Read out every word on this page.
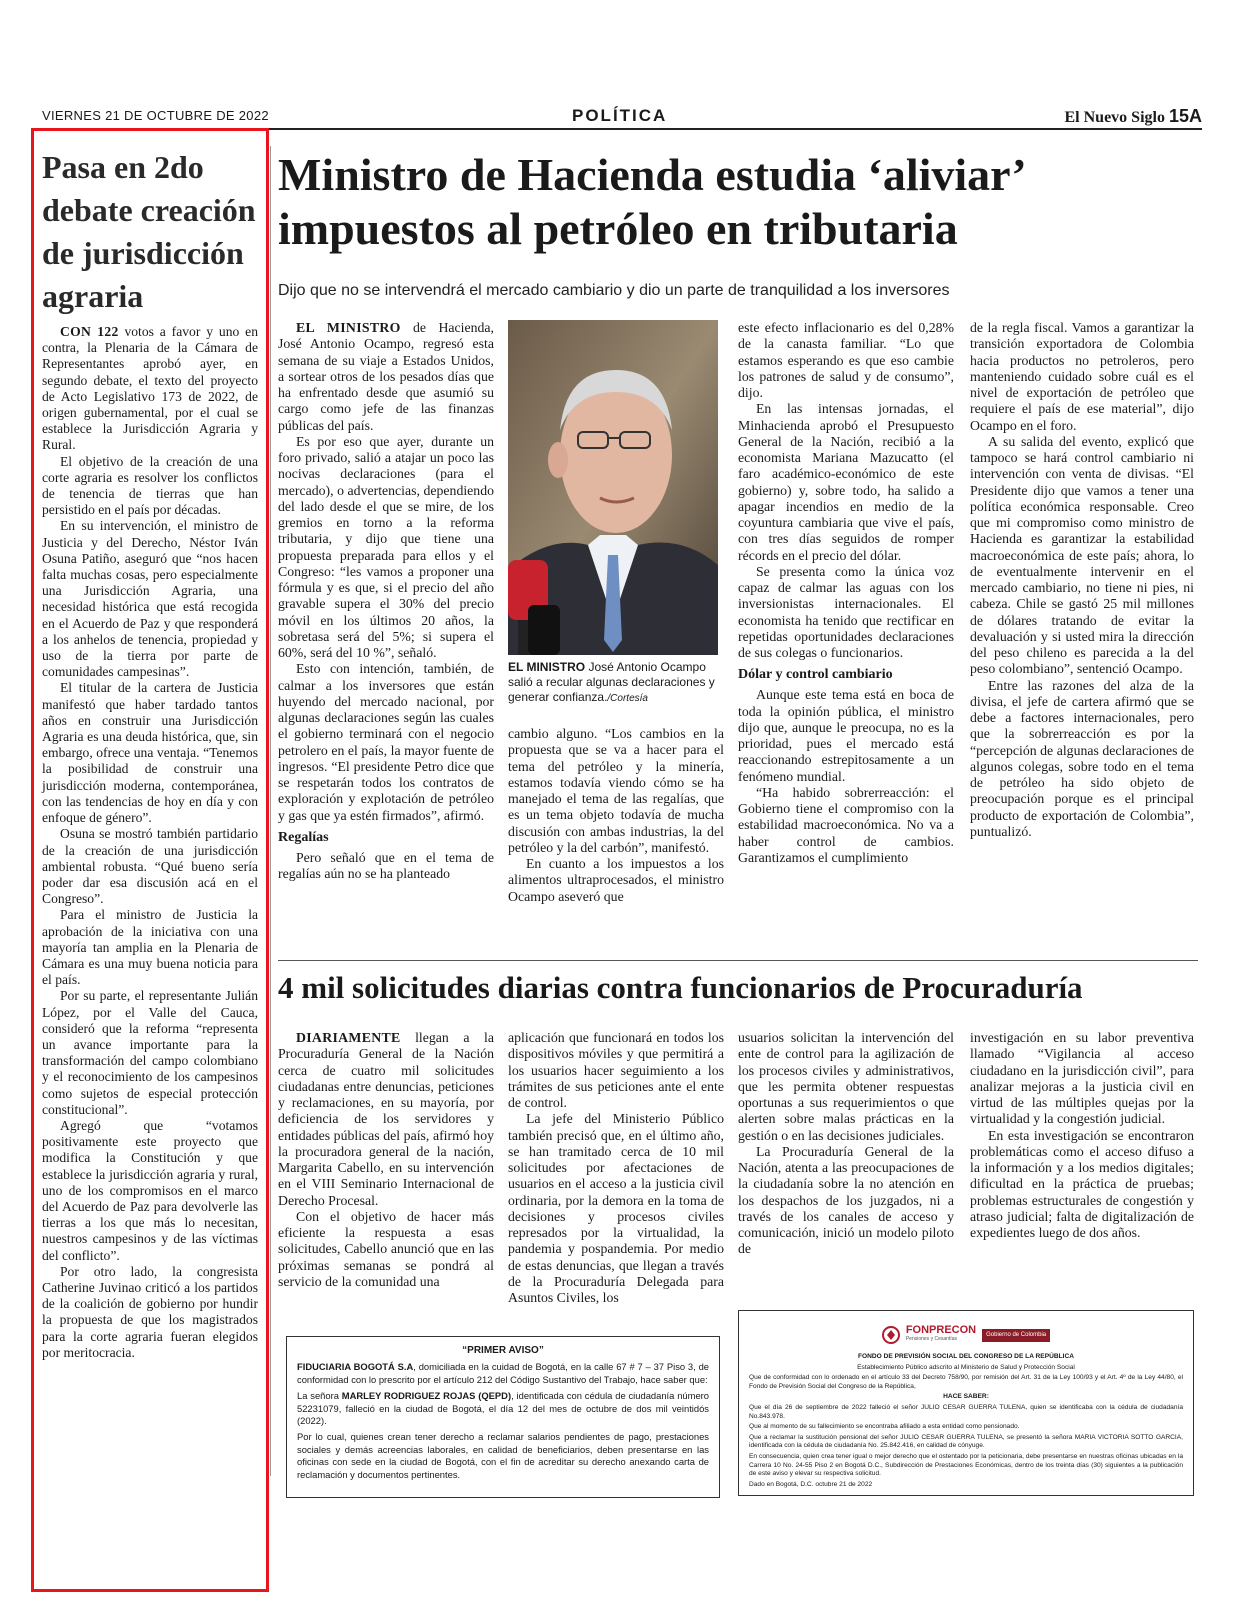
VIERNES 21 DE OCTUBRE DE 2022	POLÍTICA	El Nuevo Siglo 15A
Pasa en 2do debate creación de jurisdicción agraria

CON 122 votos a favor y uno en contra, la Plenaria de la Cámara de Representantes aprobó ayer, en segundo debate, el texto del proyecto de Acto Legislativo 173 de 2022, de origen gubernamental, por el cual se establece la Jurisdicción Agraria y Rural.

El objetivo de la creación de una corte agraria es resolver los conflictos de tenencia de tierras que han persistido en el país por décadas.

En su intervención, el ministro de Justicia y del Derecho, Néstor Iván Osuna Patiño, aseguró que “nos hacen falta muchas cosas, pero especialmente una Jurisdicción Agraria, una necesidad histórica que está recogida en el Acuerdo de Paz y que responderá a los anhelos de tenencia, propiedad y uso de la tierra por parte de comunidades campesinas”.

El titular de la cartera de Justicia manifestó que haber tardado tantos años en construir una Jurisdicción Agraria es una deuda histórica, que, sin embargo, ofrece una ventaja. “Tenemos la posibilidad de construir una jurisdicción moderna, contemporánea, con las tendencias de hoy en día y con enfoque de género”.

Osuna se mostró también partidario de la creación de una jurisdicción ambiental robusta. “Qué bueno sería poder dar esa discusión acá en el Congreso”.

Para el ministro de Justicia la aprobación de la iniciativa con una mayoría tan amplia en la Plenaria de Cámara es una muy buena noticia para el país.

Por su parte, el representante Julián López, por el Valle del Cauca, consideró que la reforma “representa un avance importante para la transformación del campo colombiano y el reconocimiento de los campesinos como sujetos de especial protección constitucional”.

Agregó que “votamos positivamente este proyecto que modifica la Constitución y que establece la jurisdicción agraria y rural, uno de los compromisos en el marco del Acuerdo de Paz para devolverle las tierras a los que más lo necesitan, nuestros campesinos y de las víctimas del conflicto”.

Por otro lado, la congresista Catherine Juvinao criticó a los partidos de la coalición de gobierno por hundir la propuesta de que los magistrados para la corte agraria fueran elegidos por meritocracia.

Ministro de Hacienda estudia ‘aliviar’ impuestos al petróleo en tributaria
Dijo que no se intervendrá el mercado cambiario y dio un parte de tranquilidad a los inversores

EL MINISTRO de Hacienda, José Antonio Ocampo, regresó esta semana de su viaje a Estados Unidos, a sortear otros de los pesados días que ha enfrentado desde que asumió su cargo como jefe de las finanzas públicas del país.

Es por eso que ayer, durante un foro privado, salió a atajar un poco las nocivas declaraciones (para el mercado), o advertencias, dependiendo del lado desde el que se mire, de los gremios en torno a la reforma tributaria, y dijo que tiene una propuesta preparada para ellos y el Congreso: “les vamos a proponer una fórmula y es que, si el precio del año gravable supera el 30% del precio móvil en los últimos 20 años, la sobretasa será del 5%; si supera el 60%, será del 10 %”, señaló.

Esto con intención, también, de calmar a los inversores que están huyendo del mercado nacional, por algunas declaraciones según las cuales el gobierno terminará con el negocio petrolero en el país, la mayor fuente de ingresos. “El presidente Petro dice que se respetarán todos los contratos de exploración y explotación de petróleo y gas que ya estén firmados”, afirmó.

Regalías

Pero señaló que en el tema de regalías aún no se ha planteado

EL MINISTRO José Antonio Ocampo salió a recular algunas declaraciones y generar confianza./Cortesía

cambio alguno. “Los cambios en la propuesta que se va a hacer para el tema del petróleo y la minería, estamos todavía viendo cómo se ha manejado el tema de las regalías, que es un tema objeto todavía de mucha discusión con ambas industrias, la del petróleo y la del carbón”, manifestó.

En cuanto a los impuestos a los alimentos ultraprocesados, el ministro Ocampo aseveró que

este efecto inflacionario es del 0,28% de la canasta familiar. “Lo que estamos esperando es que eso cambie los patrones de salud y de consumo”, dijo.

En las intensas jornadas, el Minhacienda aprobó el Presupuesto General de la Nación, recibió a la economista Mariana Mazucatto (el faro académico-económico de este gobierno) y, sobre todo, ha salido a apagar incendios en medio de la coyuntura cambiaria que vive el país, con tres días seguidos de romper récords en el precio del dólar.

Se presenta como la única voz capaz de calmar las aguas con los inversionistas internacionales. El economista ha tenido que rectificar en repetidas oportunidades declaraciones de sus colegas o funcionarios.

Dólar y control cambiario

Aunque este tema está en boca de toda la opinión pública, el ministro dijo que, aunque le preocupa, no es la prioridad, pues el mercado está reaccionando estrepitosamente a un fenómeno mundial.

“Ha habido sobrerreacción: el Gobierno tiene el compromiso con la estabilidad macroeconómica. No va a haber control de cambios. Garantizamos el cumplimiento

de la regla fiscal. Vamos a garantizar la transición exportadora de Colombia hacia productos no petroleros, pero manteniendo cuidado sobre cuál es el nivel de exportación de petróleo que requiere el país de ese material”, dijo Ocampo en el foro.

A su salida del evento, explicó que tampoco se hará control cambiario ni intervención con venta de divisas. “El Presidente dijo que vamos a tener una política económica responsable. Creo que mi compromiso como ministro de Hacienda es garantizar la estabilidad macroeconómica de este país; ahora, lo de eventualmente intervenir en el mercado cambiario, no tiene ni pies, ni cabeza. Chile se gastó 25 mil millones de dólares tratando de evitar la devaluación y si usted mira la dirección del peso chileno es parecida a la del peso colombiano”, sentenció Ocampo.

Entre las razones del alza de la divisa, el jefe de cartera afirmó que se debe a factores internacionales, pero que la sobrerreacción es por la “percepción de algunas declaraciones de algunos colegas, sobre todo en el tema de petróleo ha sido objeto de preocupación porque es el principal producto de exportación de Colombia”, puntualizó.

4 mil solicitudes diarias contra funcionarios de Procuraduría

DIARIAMENTE llegan a la Procuraduría General de la Nación cerca de cuatro mil solicitudes ciudadanas entre denuncias, peticiones y reclamaciones, en su mayoría, por deficiencia de los servidores y entidades públicas del país, afirmó hoy la procuradora general de la nación, Margarita Cabello, en su intervención en el VIII Seminario Internacional de Derecho Procesal.

Con el objetivo de hacer más eficiente la respuesta a esas solicitudes, Cabello anunció que en las próximas semanas se pondrá al servicio de la comunidad una

aplicación que funcionará en todos los dispositivos móviles y que permitirá a los usuarios hacer seguimiento a los trámites de sus peticiones ante el ente de control.

La jefe del Ministerio Público también precisó que, en el último año, se han tramitado cerca de 10 mil solicitudes por afectaciones de usuarios en el acceso a la justicia civil ordinaria, por la demora en la toma de decisiones y procesos civiles represados por la virtualidad, la pandemia y pospandemia. Por medio de estas denuncias, que llegan a través de la Procuraduría Delegada para Asuntos Civiles, los

usuarios solicitan la intervención del ente de control para la agilización de los procesos civiles y administrativos, que les permita obtener respuestas oportunas a sus requerimientos o que alerten sobre malas prácticas en la gestión o en las decisiones judiciales.

La Procuraduría General de la Nación, atenta a las preocupaciones de la ciudadanía sobre la no atención en los despachos de los juzgados, ni a través de los canales de acceso y comunicación, inició un modelo piloto de

investigación en su labor preventiva llamado “Vigilancia al acceso ciudadano en la jurisdicción civil”, para analizar mejoras a la justicia civil en virtud de las múltiples quejas por la virtualidad y la congestión judicial.

En esta investigación se encontraron problemáticas como el acceso difuso a la información y a los medios digitales; dificultad en la práctica de pruebas; problemas estructurales de congestión y atraso judicial; falta de digitalización de expedientes luego de dos años.

“PRIMER AVISO”

FIDUCIARIA BOGOTÁ S.A, domiciliada en la cuidad de Bogotá, en la calle 67 # 7 – 37 Piso 3, de conformidad con lo prescrito por el artículo 212 del Código Sustantivo del Trabajo, hace saber que:

La señora MARLEY RODRIGUEZ ROJAS (QEPD), identificada con cédula de ciudadanía número 52231079, falleció en la ciudad de Bogotá, el día 12 del mes de octubre de dos mil veintidós (2022).

Por lo cual, quienes crean tener derecho a reclamar salarios pendientes de pago, prestaciones sociales y demás acreencias laborales, en calidad de beneficiarios, deben presentarse en las oficinas con sede en la ciudad de Bogotá, con el fin de acreditar su derecho anexando carta de reclamación y documentos pertinentes.

FONPRECON
Pensiones y Cesantías
Gobierno de Colombia

FONDO DE PREVISIÓN SOCIAL DEL CONGRESO DE LA REPÚBLICA

Establecimiento Público adscrito al Ministerio de Salud y Protección Social

Que de conformidad con lo ordenado en el artículo 33 del Decreto 758/90, por remisión del Art. 31 de la Ley 100/93 y el Art. 4º de la Ley 44/80, el Fondo de Previsión Social del Congreso de la República,

HACE SABER:

Que el día 26 de septiembre de 2022 falleció el señor JULIO CESAR GUERRA TULENA, quien se identificaba con la cédula de ciudadanía No.843.978.

Que al momento de su fallecimiento se encontraba afiliado a esta entidad como pensionado.

Que a reclamar la sustitución pensional del señor JULIO CESAR GUERRA TULENA, se presentó la señora MARIA VICTORIA SOTTO GARCIA, identificada con la cédula de ciudadanía No. 25.842.416, en calidad de cónyuge.

En consecuencia, quien crea tener igual o mejor derecho que el ostentado por la peticionaria, debe presentarse en nuestras oficinas ubicadas en la Carrera 10 No. 24-55 Piso 2 en Bogotá D.C., Subdirección de Prestaciones Económicas, dentro de los treinta días (30) siguientes a la publicación de este aviso y elevar su respectiva solicitud.

Dado en Bogotá, D.C. octubre 21 de 2022
